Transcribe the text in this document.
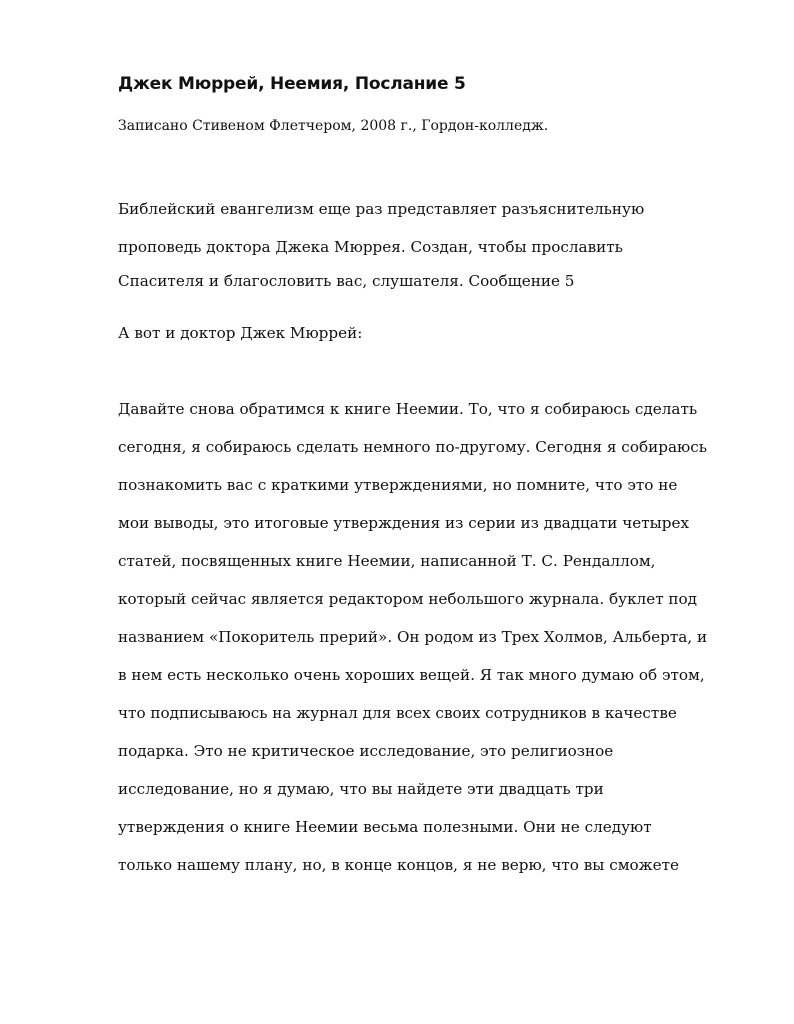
Джек Мюррей, Неемия, Послание 5
Записано Стивеном Флетчером, 2008 г., Гордон-колледж.
Библейский евангелизм еще раз представляет разъяснительную
проповедь доктора Джека Мюррея. Создан, чтобы прославить
Спасителя и благословить вас, слушателя. Сообщение 5
А вот и доктор Джек Мюррей:
Давайте снова обратимся к книге Неемии. То, что я собираюсь сделать
сегодня, я собираюсь сделать немного по-другому. Сегодня я собираюсь
познакомить вас с краткими утверждениями, но помните, что это не
мои выводы, это итоговые утверждения из серии из двадцати четырех
статей, посвященных книге Неемии, написанной Т. С. Рендаллом,
который сейчас является редактором небольшого журнала. буклет под
названием «Покоритель прерий». Он родом из Трех Холмов, Альберта, и
в нем есть несколько очень хороших вещей. Я так много думаю об этом,
что подписываюсь на журнал для всех своих сотрудников в качестве
подарка. Это не критическое исследование, это религиозное
исследование, но я думаю, что вы найдете эти двадцать три
утверждения о книге Неемии весьма полезными. Они не следуют
только нашему плану, но, в конце концов, я не верю, что вы сможете
